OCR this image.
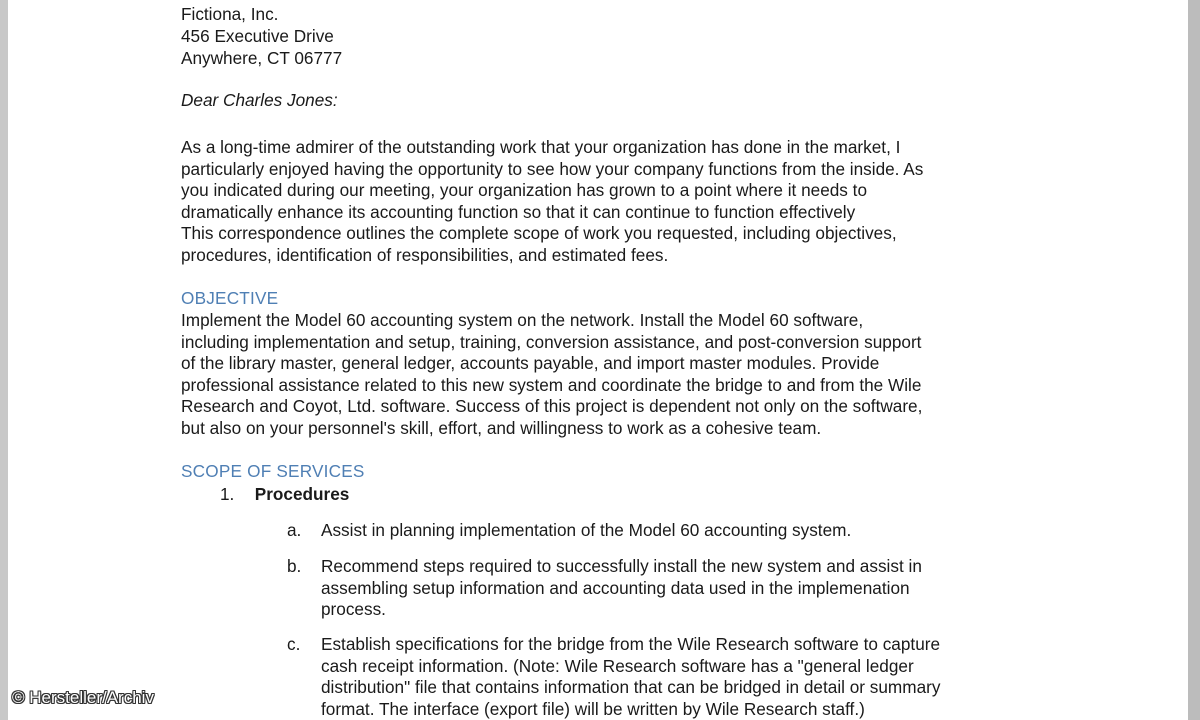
Fictiona, Inc.
456 Executive Drive
Anywhere, CT 06777
Dear Charles Jones:
As a long-time admirer of the outstanding work that your organization has done in the market, I
particularly enjoyed having the opportunity to see how your company functions from the inside. As
you indicated during our meeting, your organization has grown to a point where it needs to
dramatically enhance its accounting function so that it can continue to function effectively
This correspondence outlines the complete scope of work you requested, including objectives,
procedures, identification of responsibilities, and estimated fees.
OBJECTIVE
Implement the Model 60 accounting system on the network. Install the Model 60 software,
including implementation and setup, training, conversion assistance, and post-conversion support
of the library master, general ledger, accounts payable, and import master modules. Provide
professional assistance related to this new system and coordinate the bridge to and from the Wile
Research and Coyot, Ltd. software. Success of this project is dependent not only on the software,
but also on your personnel's skill, effort, and willingness to work as a cohesive team.
SCOPE OF SERVICES
1. Procedures
a.	Assist in planning implementation of the Model 60 accounting system.
b.	Recommend steps required to successfully install the new system and assist in
assembling setup information and accounting data used in the implemenation
process.
c.	Establish specifications for the bridge from the Wile Research software to capture
cash receipt information. (Note: Wile Research software has a "general ledger
distribution" file that contains information that can be bridged in detail or summary
format. The interface (export file) will be written by Wile Research staff.)
© Hersteller/Archiv
